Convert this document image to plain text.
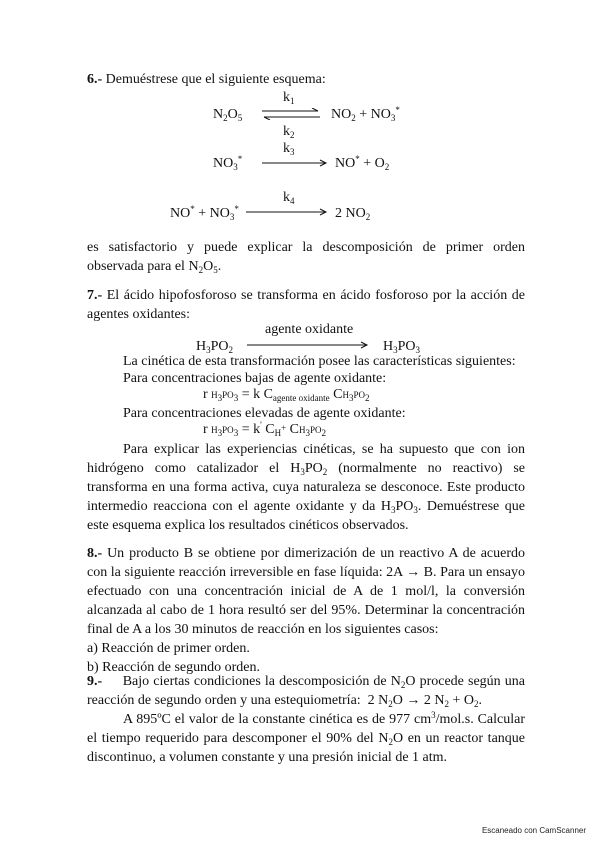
6.- Demuéstrese que el siguiente esquema:
$k_1$
$N_2O_5$	$NO_2 + NO_3^*$
$k_2$
$k_3$
$NO_3^*$	$NO^* + O_2$
$k_4$
$NO^* + NO_3^*$	2 $NO_2$

es satisfactorio y puede explicar la descomposición de primer orden observada para el $N_2O_5$.

7.- El ácido hipofosforoso se transforma en ácido fosforoso por la acción de agentes oxidantes:

agente oxidante
$H_3PO_2$	$H_3PO_3$
La cinética de esta transformación posee las características siguientes:
Para concentraciones bajas de agente oxidante:
r $H_3PO_3 = k$ $C_{agente oxidante}$ $CH_3PO_2$
Para concentraciones elevadas de agente oxidante:
r $H_3PO_3 = k'$ $C_{H^+}$ $CH_3PO_2$

Para explicar las experiencias cinéticas, se ha supuesto que con ion hidrógeno como catalizador el $H_3PO_2$ (normalmente no reactivo) se transforma en una forma activa, cuya naturaleza se desconoce. Este producto intermedio reacciona con el agente oxidante y da $H_3PO_3$. Demuéstrese que este esquema explica los resultados cinéticos observados.

8.- Un producto B se obtiene por dimerización de un reactivo A de acuerdo con la siguiente reacción irreversible en fase líquida: 2A → B. Para un ensayo efectuado con una concentración inicial de A de 1 mol/l, la conversión alcanzada al cabo de 1 hora resultó ser del 95%. Determinar la concentración final de A a los 30 minutos de reacción en los siguientes casos:

a) Reacción de primer orden.

b) Reacción de segundo orden.

9.-     Bajo ciertas condiciones la descomposición de $N_2O$ procede según una reacción de segundo orden y una estequiometría:  2 $N_2O \to 2$ $N_2 + O_2$.

A 895ºC el valor de la constante cinética es de 977 $cm^3/mol.s$. Calcular el tiempo requerido para descomponer el 90% del $N_2O$ en un reactor tanque discontinuo, a volumen constante y una presión inicial de 1 atm.

Escaneado con CamScanner
